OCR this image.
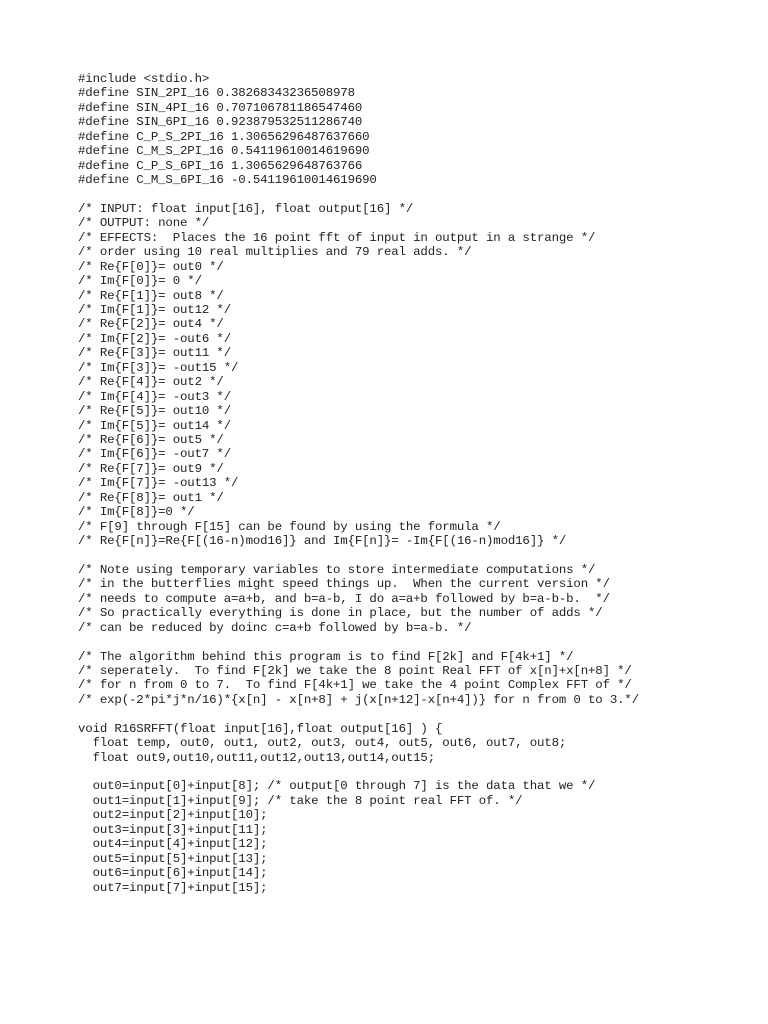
#include <stdio.h>
#define SIN_2PI_16 0.38268343236508978
#define SIN_4PI_16 0.707106781186547460
#define SIN_6PI_16 0.923879532511286740
#define C_P_S_2PI_16 1.30656296487637660
#define C_M_S_2PI_16 0.54119610014619690
#define C_P_S_6PI_16 1.3065629648763766
#define C_M_S_6PI_16 -0.54119610014619690
/* INPUT: float input[16], float output[16] */
/* OUTPUT: none */
/* EFFECTS:  Places the 16 point fft of input in output in a strange */
/* order using 10 real multiplies and 79 real adds. */
/* Re{F[0]}= out0 */
/* Im{F[0]}= 0 */
/* Re{F[1]}= out8 */
/* Im{F[1]}= out12 */
/* Re{F[2]}= out4 */
/* Im{F[2]}= -out6 */
/* Re{F[3]}= out11 */
/* Im{F[3]}= -out15 */
/* Re{F[4]}= out2 */
/* Im{F[4]}= -out3 */
/* Re{F[5]}= out10 */
/* Im{F[5]}= out14 */
/* Re{F[6]}= out5 */
/* Im{F[6]}= -out7 */
/* Re{F[7]}= out9 */
/* Im{F[7]}= -out13 */
/* Re{F[8]}= out1 */
/* Im{F[8]}=0 */
/* F[9] through F[15] can be found by using the formula */
/* Re{F[n]}=Re{F[(16-n)mod16]} and Im{F[n]}= -Im{F[(16-n)mod16]} */
/* Note using temporary variables to store intermediate computations */
/* in the butterflies might speed things up.  When the current version */
/* needs to compute a=a+b, and b=a-b, I do a=a+b followed by b=a-b-b.  */
/* So practically everything is done in place, but the number of adds */
/* can be reduced by doinc c=a+b followed by b=a-b. */
/* The algorithm behind this program is to find F[2k] and F[4k+1] */
/* seperately.  To find F[2k] we take the 8 point Real FFT of x[n]+x[n+8] */
/* for n from 0 to 7.  To find F[4k+1] we take the 4 point Complex FFT of */
/* exp(-2*pi*j*n/16)*{x[n] - x[n+8] + j(x[n+12]-x[n+4])} for n from 0 to 3.*/
void R16SRFFT(float input[16],float output[16] ) {
float temp, out0, out1, out2, out3, out4, out5, out6, out7, out8;
float out9,out10,out11,out12,out13,out14,out15;
out0=input[0]+input[8]; /* output[0 through 7] is the data that we */
out1=input[1]+input[9]; /* take the 8 point real FFT of. */
out2=input[2]+input[10];
out3=input[3]+input[11];
out4=input[4]+input[12];
out5=input[5]+input[13];
out6=input[6]+input[14];
out7=input[7]+input[15];
